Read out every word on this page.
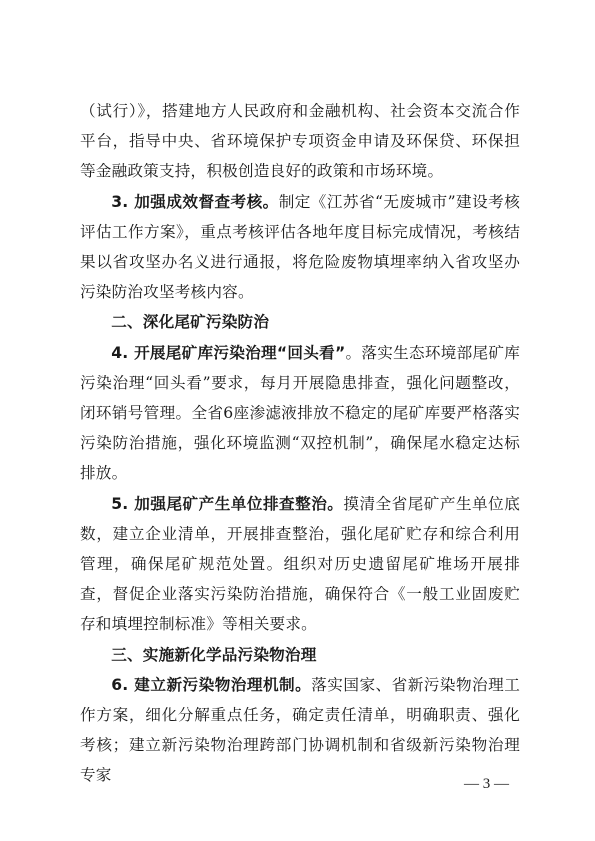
（试行）》，搭建地方人民政府和金融机构、社会资本交流合作平台，指导中央、省环境保护专项资金申请及环保贷、环保担等金融政策支持，积极创造良好的政策和市场环境。

3. 加强成效督查考核。制定《江苏省“无废城市”建设考核评估工作方案》，重点考核评估各地年度目标完成情况，考核结果以省攻坚办名义进行通报，将危险废物填埋率纳入省攻坚办污染防治攻坚考核内容。

二、深化尾矿污染防治

4. 开展尾矿库污染治理“回头看”。落实生态环境部尾矿库污染治理“回头看”要求，每月开展隐患排查，强化问题整改，闭环销号管理。全省6座渗滤液排放不稳定的尾矿库要严格落实污染防治措施，强化环境监测“双控机制”，确保尾水稳定达标排放。

5. 加强尾矿产生单位排查整治。摸清全省尾矿产生单位底数，建立企业清单，开展排查整治，强化尾矿贮存和综合利用管理，确保尾矿规范处置。组织对历史遗留尾矿堆场开展排查，督促企业落实污染防治措施，确保符合《一般工业固废贮存和填埋控制标准》等相关要求。

三、实施新化学品污染物治理

6. 建立新污染物治理机制。落实国家、省新污染物治理工作方案，细化分解重点任务，确定责任清单，明确职责、强化考核；建立新污染物治理跨部门协调机制和省级新污染物治理专家	— 3 —
